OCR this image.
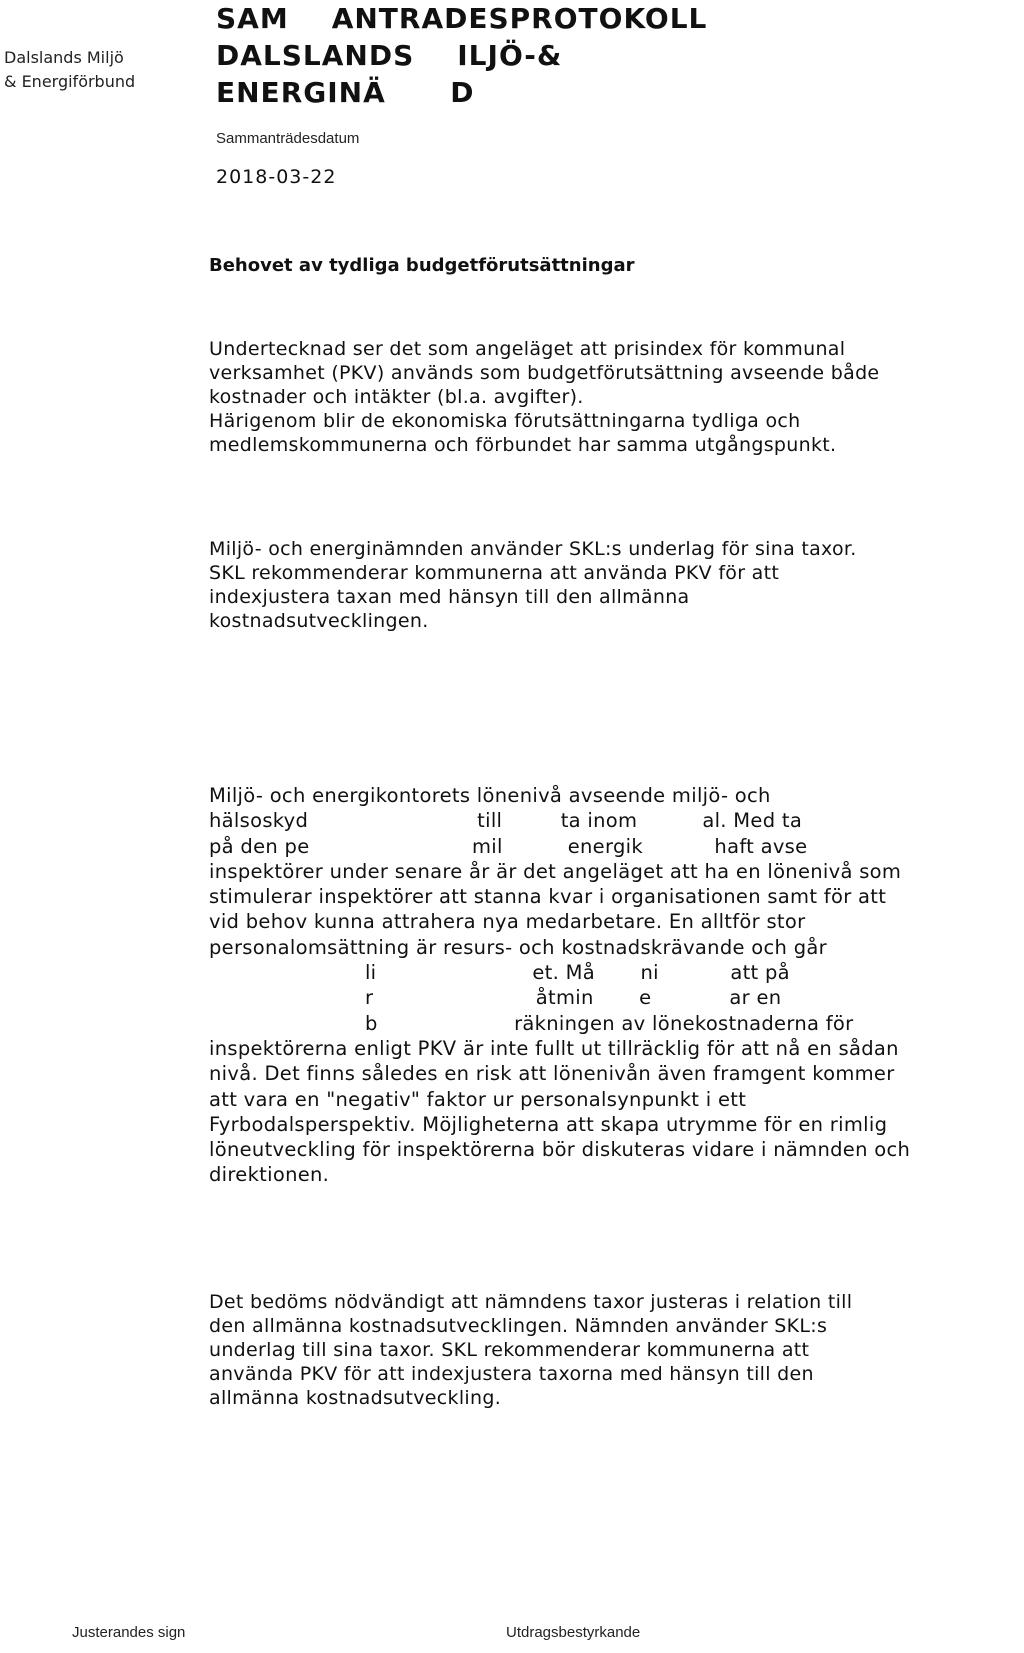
Dalslands Miljö
& Energiförbund
SAM    ANTRADESPROTOKOLL
DALSLANDS    ILJÖ-&
ENERGINÄ      D
Sammanträdesdatum
2018-03-22
Behovet av tydliga budgetförutsättningar
Undertecknad ser det som angeläget att prisindex för kommunal
verksamhet (PKV) används som budgetförutsättning avseende både
kostnader och intäkter (bl.a. avgifter).
Härigenom blir de ekonomiska förutsättningarna tydliga och
medlemskommunerna och förbundet har samma utgångspunkt.
Miljö- och energinämnden använder SKL:s underlag för sina taxor.
SKL rekommenderar kommunerna att använda PKV för att
indexjustera taxan med hänsyn till den allmänna
kostnadsutvecklingen.
Miljö- och energikontorets lönenivå avseende miljö- och
hälsoskyd                          till         ta inom          al. Med ta
på den pe                         mil          energik           haft avse
inspektörer under senare år är det angeläget att ha en lönenivå som
stimulerar inspektörer att stanna kvar i organisationen samt för att
vid behov kunna attrahera nya medarbetare. En alltför stor
personalomsättning är resurs- och kostnadskrävande och går
li                        et. Må       ni           att på
r                         åtmin       e            ar en
b                     räkningen av lönekostnaderna för
inspektörerna enligt PKV är inte fullt ut tillräcklig för att nå en sådan
nivå. Det finns således en risk att lönenivån även framgent kommer
att vara en "negativ" faktor ur personalsynpunkt i ett
Fyrbodalsperspektiv. Möjligheterna att skapa utrymme för en rimlig
löneutveckling för inspektörerna bör diskuteras vidare i nämnden och
direktionen.
Det bedöms nödvändigt att nämndens taxor justeras i relation till
den allmänna kostnadsutvecklingen. Nämnden använder SKL:s
underlag till sina taxor. SKL rekommenderar kommunerna att
använda PKV för att indexjustera taxorna med hänsyn till den
allmänna kostnadsutveckling.
Justerandes sign	Utdragsbestyrkande
